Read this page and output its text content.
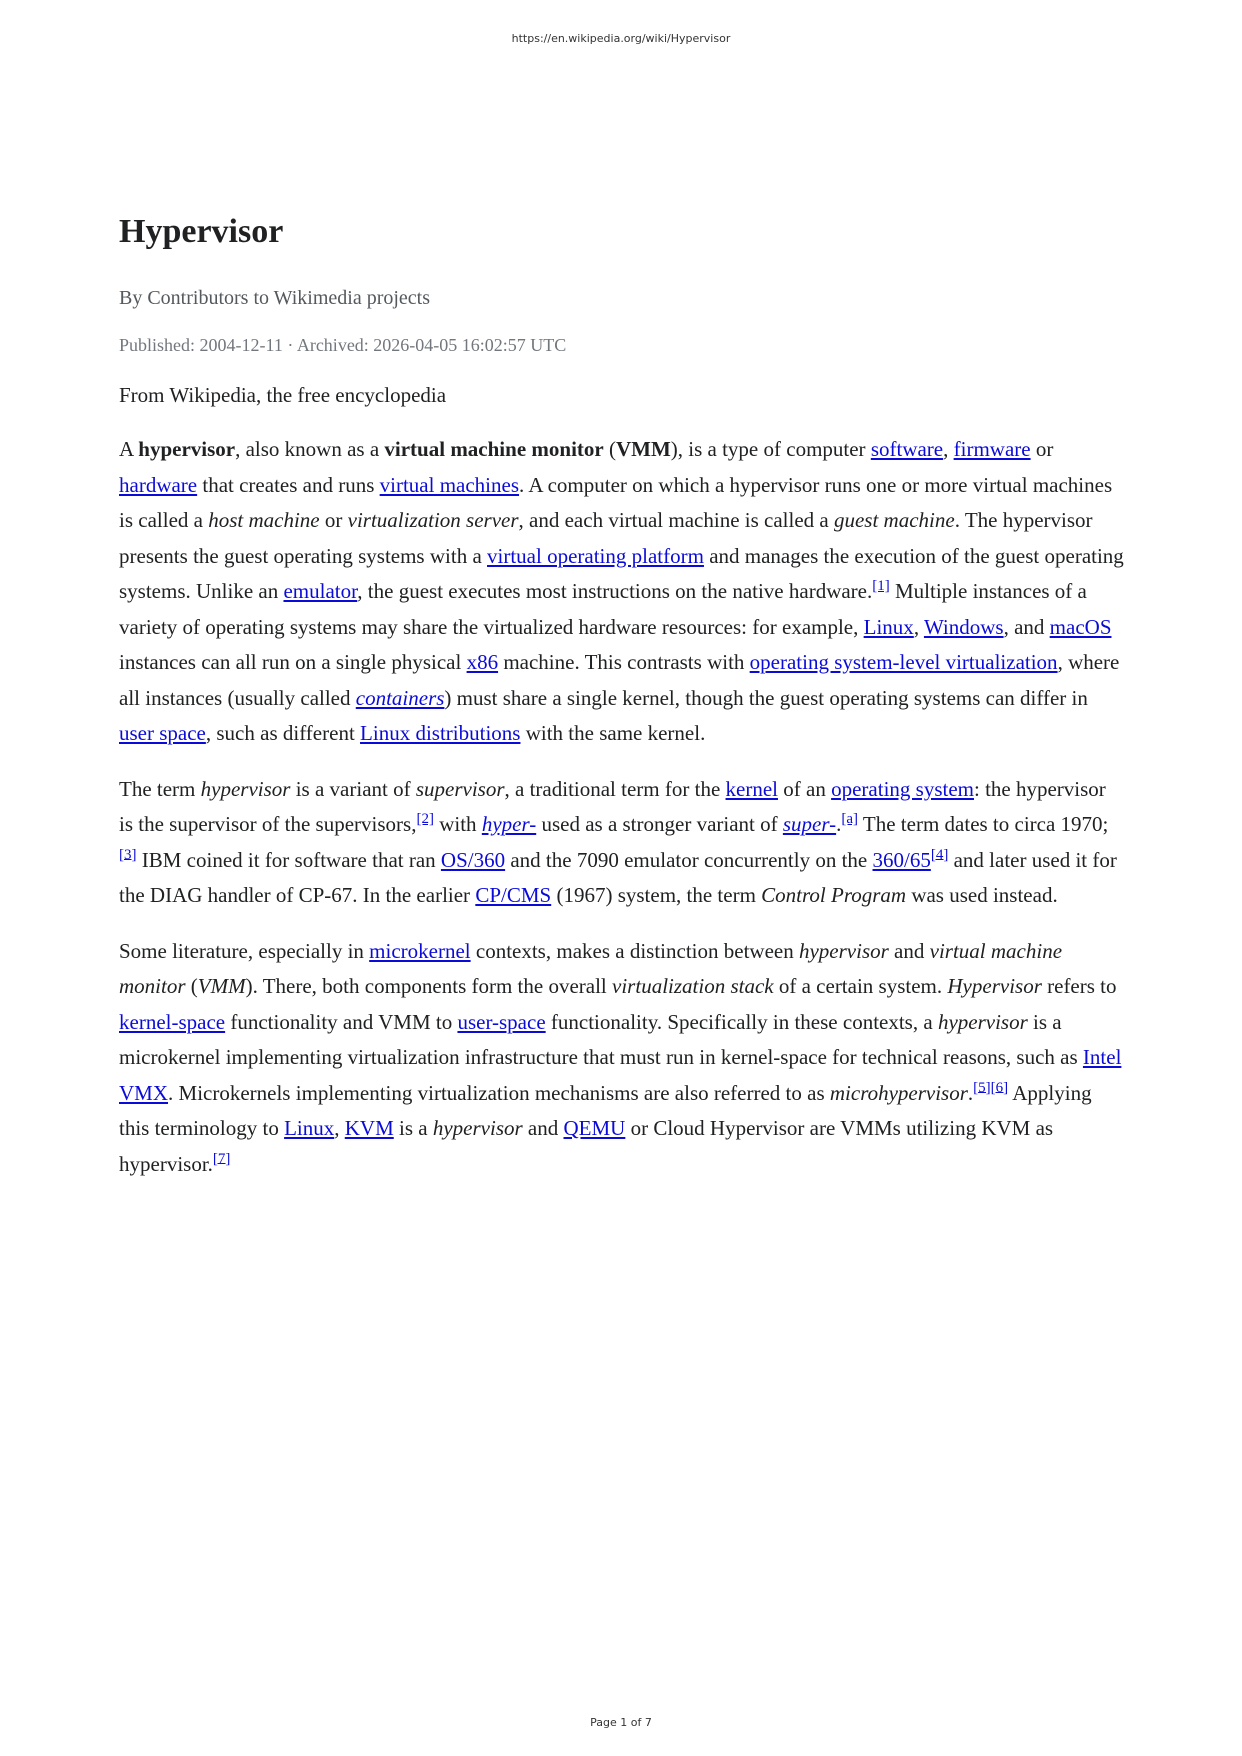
https://en.wikipedia.org/wiki/Hypervisor
Hypervisor
By Contributors to Wikimedia projects
Published: 2004-12-11 · Archived: 2026-04-05 16:02:57 UTC
From Wikipedia, the free encyclopedia

A hypervisor, also known as a virtual machine monitor (VMM), is a type of computer software, firmware or hardware that creates and runs virtual machines. A computer on which a hypervisor runs one or more virtual machines is called a host machine or virtualization server, and each virtual machine is called a guest machine. The hypervisor presents the guest operating systems with a virtual operating platform and manages the execution of the guest operating systems. Unlike an emulator, the guest executes most instructions on the native hardware.[1] Multiple instances of a variety of operating systems may share the virtualized hardware resources: for example, Linux, Windows, and macOS instances can all run on a single physical x86 machine. This contrasts with operating system-level virtualization, where all instances (usually called containers) must share a single kernel, though the guest operating systems can differ in user space, such as different Linux distributions with the same kernel.

The term hypervisor is a variant of supervisor, a traditional term for the kernel of an operating system: the hypervisor is the supervisor of the supervisors,[2] with hyper- used as a stronger variant of super-.[a] The term dates to circa 1970;[3] IBM coined it for software that ran OS/360 and the 7090 emulator concurrently on the 360/65[4] and later used it for the DIAG handler of CP-67. In the earlier CP/CMS (1967) system, the term Control Program was used instead.

Some literature, especially in microkernel contexts, makes a distinction between hypervisor and virtual machine monitor (VMM). There, both components form the overall virtualization stack of a certain system. Hypervisor refers to kernel-space functionality and VMM to user-space functionality. Specifically in these contexts, a hypervisor is a microkernel implementing virtualization infrastructure that must run in kernel-space for technical reasons, such as Intel VMX. Microkernels implementing virtualization mechanisms are also referred to as microhypervisor.[5][6] Applying this terminology to Linux, KVM is a hypervisor and QEMU or Cloud Hypervisor are VMMs utilizing KVM as hypervisor.[7]

Page 1 of 7
